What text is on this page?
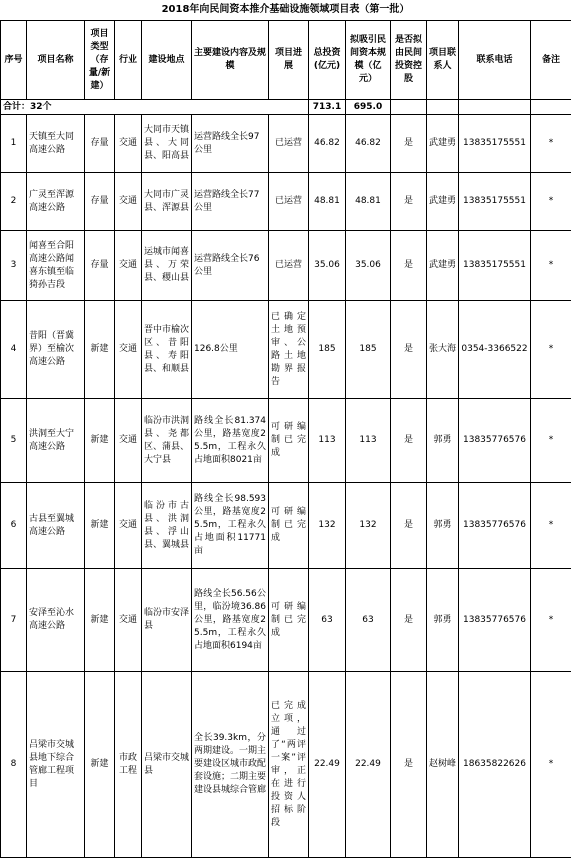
2018年向民间资本推介基础设施领域项目表（第一批）
序号	项目名称	项目类型（存量/新建）	行业	建设地点	主要建设内容及规模	项目进展	总投资(亿元)	拟吸引民间资本规模（亿元）	是否拟由民间投资控股	项目联系人	联系电话	备注
合计：32个							713.1	695.0				
1	天镇至大同高速公路	存量	交通	大同市天镇县、大同县、阳高县	运营路线全长97公里	已运营	46.82	46.82	是	武建勇	13835175551	*
2	广灵至浑源高速公路	存量	交通	大同市广灵县、浑源县	运营路线全长77公里	已运营	48.81	48.81	是	武建勇	13835175551	*
3	闻喜至合阳高速公路闻喜东镇至临猗孙吉段	存量	交通	运城市闻喜县、万荣县、稷山县	运营路线全长76公里	已运营	35.06	35.06	是	武建勇	13835175551	*
4	昔阳（晋冀界）至榆次高速公路	新建	交通	晋中市榆次区、昔阳县、寿阳县、和顺县	126.8公里	已确定土地预审、公路土地勘界报告	185	185	是	张大海	0354-3366522	*
5	洪洞至大宁高速公路	新建	交通	临汾市洪洞县、尧都区、蒲县、大宁县	路线全长81.374公里，路基宽度25.5m，工程永久占地面积8021亩	可研编制已完成	113	113	是	郭勇	13835776576	*
6	古县至翼城高速公路	新建	交通	临汾市古县、洪洞县、浮山县、翼城县	路线全长98.593公里，路基宽度25.5m，工程永久占地面积11771亩	可研编制已完成	132	132	是	郭勇	13835776576	*
7	安泽至沁水高速公路	新建	交通	临汾市安泽县	路线全长56.56公里，临汾境36.86公里，路基宽度25.5m，工程永久占地面积6194亩	可研编制已完成	63	63	是	郭勇	13835776576	*
8	吕梁市交城县地下综合管廊工程项目	新建	市政工程	吕梁市交城县	全长39.3km，分两期建设。一期主要建设区城市政配套设施；二期主要建设县城综合管廊	已完成立项，通过了“两评一案”评审，正在进行投资人招标阶段	22.49	22.49	是	赵树峰	18635822626	*
